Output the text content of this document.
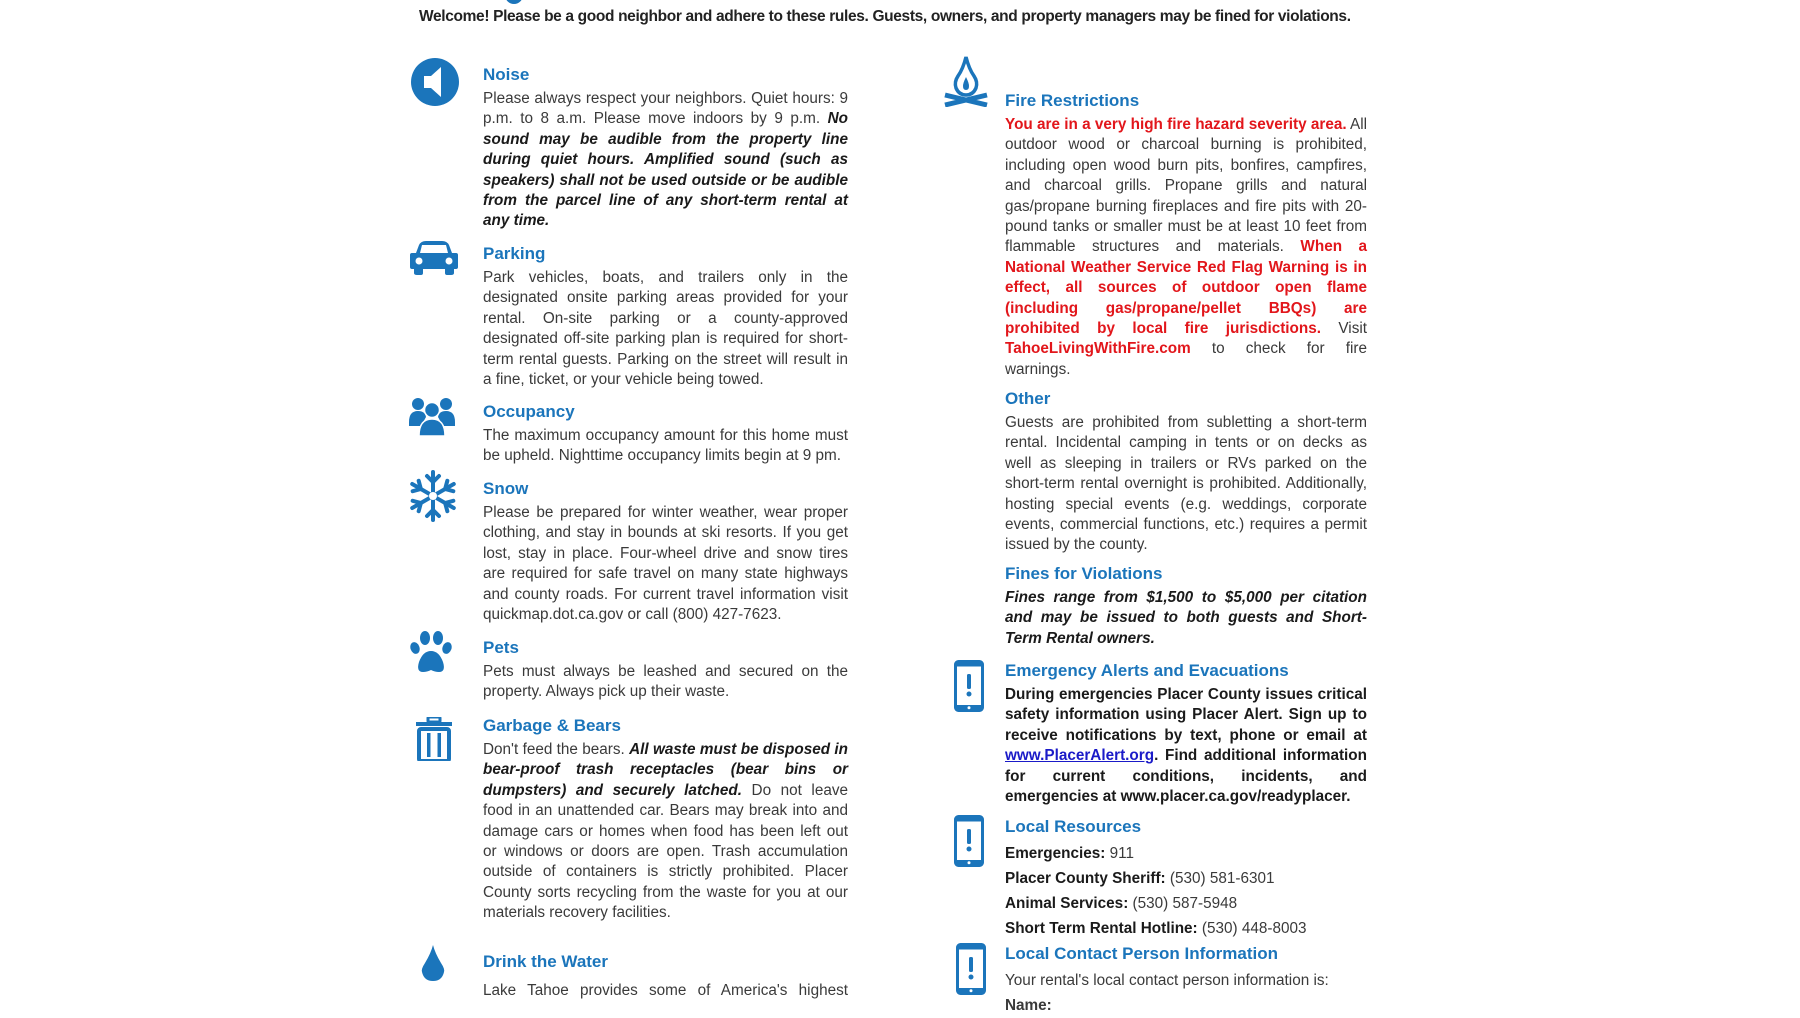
Welcome! Please be a good neighbor and adhere to these rules. Guests, owners, and property managers may be fined for violations.
Noise
Please always respect your neighbors. Quiet hours: 9 p.m. to 8 a.m. Please move indoors by 9 p.m. No sound may be audible from the property line during quiet hours. Amplified sound (such as speakers) shall not be used outside or be audible from the parcel line of any short-term rental at any time.
Parking
Park vehicles, boats, and trailers only in the designated onsite parking areas provided for your rental. On-site parking or a county-approved designated off-site parking plan is required for short-term rental guests. Parking on the street will result in a fine, ticket, or your vehicle being towed.
Occupancy
The maximum occupancy amount for this home must be upheld. Nighttime occupancy limits begin at 9 pm.
Snow
Please be prepared for winter weather, wear proper clothing, and stay in bounds at ski resorts. If you get lost, stay in place. Four-wheel drive and snow tires are required for safe travel on many state highways and county roads. For current travel information visit quickmap.dot.ca.gov or call (800) 427-7623.
Pets
Pets must always be leashed and secured on the property. Always pick up their waste.
Garbage & Bears
Don't feed the bears. All waste must be disposed in bear-proof trash receptacles (bear bins or dumpsters) and securely latched. Do not leave food in an unattended car. Bears may break into and damage cars or homes when food has been left out or windows or doors are open. Trash accumulation outside of containers is strictly prohibited. Placer County sorts recycling from the waste for you at our materials recovery facilities.
Drink the Water
Lake Tahoe provides some of America's highest
Fire Restrictions
You are in a very high fire hazard severity area. All outdoor wood or charcoal burning is prohibited, including open wood burn pits, bonfires, campfires, and charcoal grills. Propane grills and natural gas/propane burning fireplaces and fire pits with 20-pound tanks or smaller must be at least 10 feet from flammable structures and materials. When a National Weather Service Red Flag Warning is in effect, all sources of outdoor open flame (including gas/propane/pellet BBQs) are prohibited by local fire jurisdictions. Visit TahoeLivingWithFire.com to check for fire warnings.
Other
Guests are prohibited from subletting a short-term rental. Incidental camping in tents or on decks as well as sleeping in trailers or RVs parked on the short-term rental overnight is prohibited. Additionally, hosting special events (e.g. weddings, corporate events, commercial functions, etc.) requires a permit issued by the county.
Fines for Violations
Fines range from $1,500 to $5,000 per citation and may be issued to both guests and Short-Term Rental owners.
Emergency Alerts and Evacuations
During emergencies Placer County issues critical safety information using Placer Alert. Sign up to receive notifications by text, phone or email at www.PlacerAlert.org. Find additional information for current conditions, incidents, and emergencies at www.placer.ca.gov/readyplacer.
Local Resources
Emergencies: 911
Placer County Sheriff: (530) 581-6301
Animal Services: (530) 587-5948
Short Term Rental Hotline: (530) 448-8003
Local Contact Person Information
Your rental's local contact person information is:
Name:
